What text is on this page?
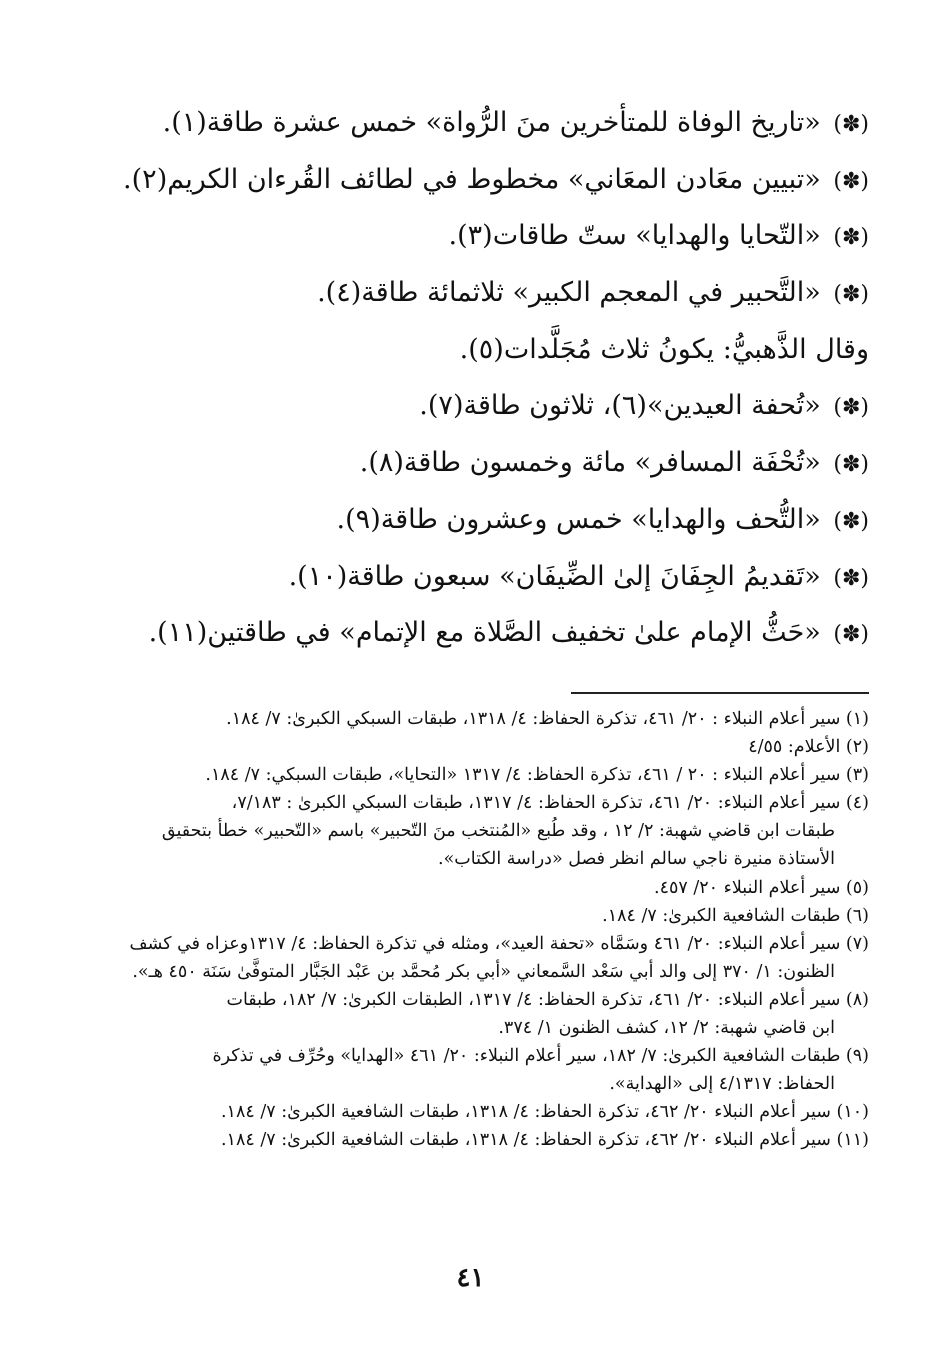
(✽) «تاريخ الوفاة للمتأخرين منَ الرُّواة» خمس عشرة طاقة(١).
(✽) «تبيين معَادن المعَاني» مخطوط في لطائف القُرءان الكريم(٢).
(✽) «التّحايا والهدايا» ستّ طاقات(٣).
(✽) «التَّحبير في المعجم الكبير» ثلاثمائة طاقة(٤).
وقال الذَّهبيُّ: يكونُ ثلاث مُجَلَّدات(٥).
(✽) «تُحفة العيدين»(٦)، ثلاثون طاقة(٧).
(✽) «تُحْفَة المسافر» مائة وخمسون طاقة(٨).
(✽) «التُّحف والهدايا» خمس وعشرون طاقة(٩).
(✽) «تَقديمُ الجِفَانَ إلىٰ الضِّيفَان» سبعون طاقة(١٠).
(✽) «حَثُّ الإمام علىٰ تخفيف الصَّلاة مع الإتمام» في طاقتين(١١).
(١) سير أعلام النبلاء : ٢٠/ ٤٦١، تذكرة الحفاظ: ٤/ ١٣١٨، طبقات السبكي الكبرىٰ: ٧/ ١٨٤.
(٢) الأعلام: ٤/٥٥
(٣) سير أعلام النبلاء : ٢٠ / ٤٦١، تذكرة الحفاظ: ٤/ ١٣١٧ «التحايا»، طبقات السبكي: ٧/ ١٨٤.
(٤) سير أعلام النبلاء: ٢٠/ ٤٦١، تذكرة الحفاظ: ٤/ ١٣١٧، طبقات السبكي الكبرىٰ : ٧/١٨٣،
طبقات ابن قاضي شهبة: ٢/ ١٢ ، وقد طُبع «المُنتخب منَ التّحبير» باسم «التّحبير» خطأ بتحقيق
الأستاذة منيرة ناجي سالم انظر فصل «دراسة الكتاب».
(٥) سير أعلام النبلاء ٢٠/ ٤٥٧.
(٦) طبقات الشافعية الكبرىٰ: ٧/ ١٨٤.
(٧) سير أعلام النبلاء: ٢٠/ ٤٦١ وسَمَّاه «تحفة العيد»، ومثله في تذكرة الحفاظ: ٤/ ١٣١٧وعزاه في كشف
الظنون: ١/ ٣٧٠ إلى والد أبي سَعْد السَّمعاني «أبي بكر مُحمَّد بن عَبْد الجَبَّار المتوفَّىٰ سَنَة ٤٥٠ هـ».
(٨) سير أعلام النبلاء: ٢٠/ ٤٦١، تذكرة الحفاظ: ٤/ ١٣١٧، الطبقات الكبرىٰ: ٧/ ١٨٢، طبقات
ابن قاضي شهبة: ٢/ ١٢، كشف الظنون ١/ ٣٧٤.
(٩) طبقات الشافعية الكبرىٰ: ٧/ ١٨٢، سير أعلام النبلاء: ٢٠/ ٤٦١ «الهدايا» وحُرِّف في تذكرة
الحفاظ: ٤/١٣١٧ إلى «الهداية».
(١٠) سير أعلام النبلاء ٢٠/ ٤٦٢، تذكرة الحفاظ: ٤/ ١٣١٨، طبقات الشافعية الكبرىٰ: ٧/ ١٨٤.
(١١) سير أعلام النبلاء ٢٠/ ٤٦٢، تذكرة الحفاظ: ٤/ ١٣١٨، طبقات الشافعية الكبرىٰ: ٧/ ١٨٤.
٤١
